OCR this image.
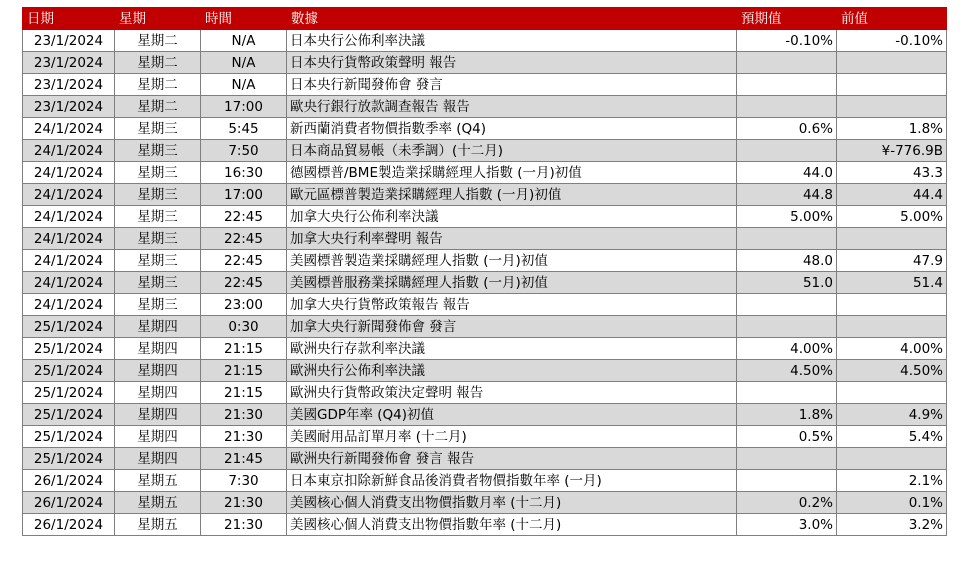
日期	星期	時間	數據	預期值	前值
23/1/2024	星期二	N/A	日本央行公佈利率決議	-0.10%	-0.10%
23/1/2024	星期二	N/A	日本央行貨幣政策聲明 報告		
23/1/2024	星期二	N/A	日本央行新聞發佈會 發言		
23/1/2024	星期二	17:00	歐央行銀行放款調查報告 報告		
24/1/2024	星期三	5:45	新西蘭消費者物價指數季率 (Q4)	0.6%	1.8%
24/1/2024	星期三	7:50	日本商品貿易帳（未季調）(十二月)		¥-776.9B
24/1/2024	星期三	16:30	德國標普/BME製造業採購經理人指數 (一月)初值	44.0	43.3
24/1/2024	星期三	17:00	歐元區標普製造業採購經理人指數 (一月)初值	44.8	44.4
24/1/2024	星期三	22:45	加拿大央行公佈利率決議	5.00%	5.00%
24/1/2024	星期三	22:45	加拿大央行利率聲明 報告		
24/1/2024	星期三	22:45	美國標普製造業採購經理人指數 (一月)初值	48.0	47.9
24/1/2024	星期三	22:45	美國標普服務業採購經理人指數 (一月)初值	51.0	51.4
24/1/2024	星期三	23:00	加拿大央行貨幣政策報告 報告		
25/1/2024	星期四	0:30	加拿大央行新聞發佈會 發言		
25/1/2024	星期四	21:15	歐洲央行存款利率決議	4.00%	4.00%
25/1/2024	星期四	21:15	歐洲央行公佈利率決議	4.50%	4.50%
25/1/2024	星期四	21:15	歐洲央行貨幣政策決定聲明 報告		
25/1/2024	星期四	21:30	美國GDP年率 (Q4)初值	1.8%	4.9%
25/1/2024	星期四	21:30	美國耐用品訂單月率 (十二月)	0.5%	5.4%
25/1/2024	星期四	21:45	歐洲央行新聞發佈會 發言 報告		
26/1/2024	星期五	7:30	日本東京扣除新鮮食品後消費者物價指數年率 (一月)		2.1%
26/1/2024	星期五	21:30	美國核心個人消費支出物價指數月率 (十二月)	0.2%	0.1%
26/1/2024	星期五	21:30	美國核心個人消費支出物價指數年率 (十二月)	3.0%	3.2%
